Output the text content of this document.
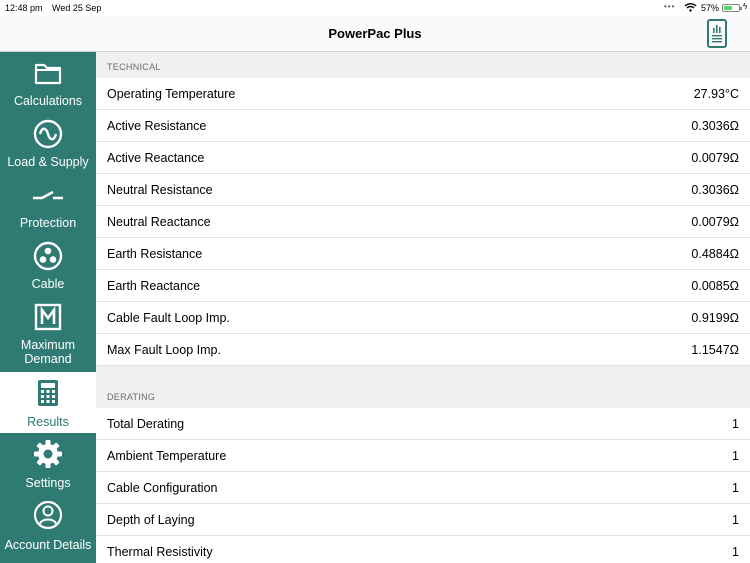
12:48 pm Wed 25 Sep	•••	57%	ϟ
PowerPac Plus
Calculations
Load & Supply
Protection
Cable
Maximum Demand
Results
Settings
Account Details
TECHNICAL
Operating Temperature	27.93°C
Active Resistance	0.3036Ω
Active Reactance	0.0079Ω
Neutral Resistance	0.3036Ω
Neutral Reactance	0.0079Ω
Earth Resistance	0.4884Ω
Earth Reactance	0.0085Ω
Cable Fault Loop Imp.	0.9199Ω
Max Fault Loop Imp.	1.1547Ω
DERATING
Total Derating	1
Ambient Temperature	1
Cable Configuration	1
Depth of Laying	1
Thermal Resistivity	1
